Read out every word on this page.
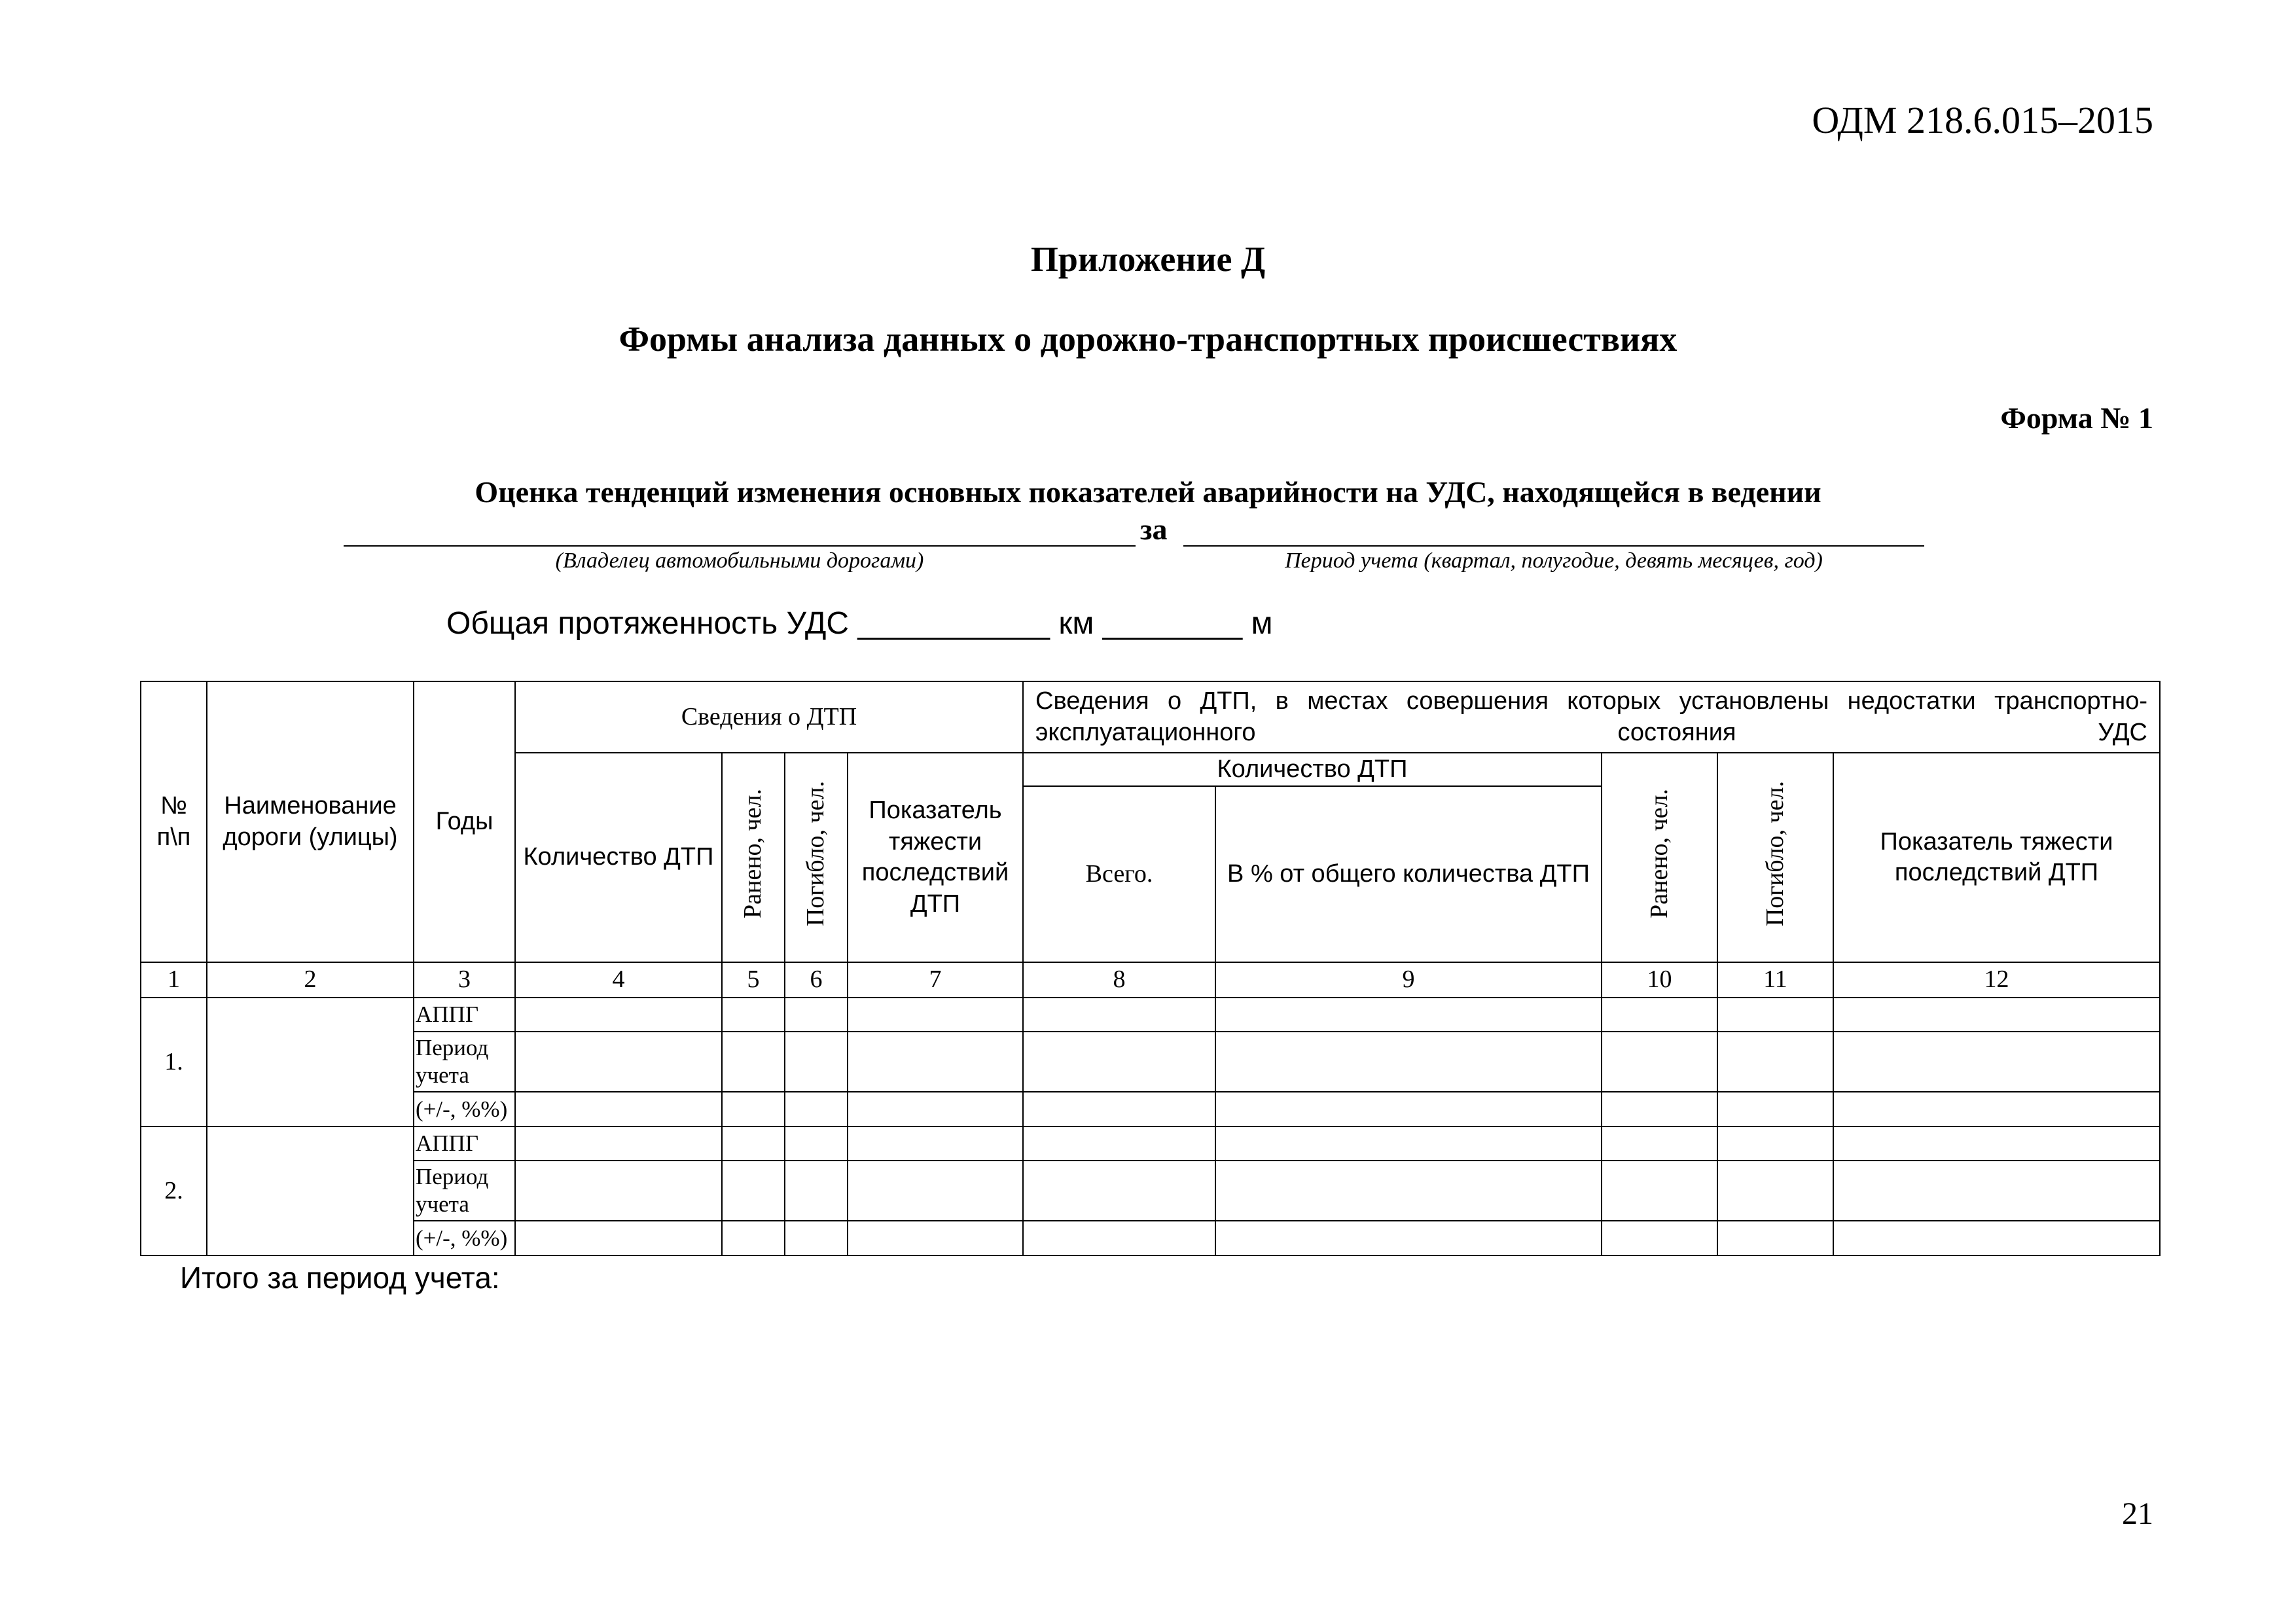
ОДМ 218.6.015–2015
Приложение Д
Формы анализа данных о дорожно-транспортных происшествиях
Форма № 1
Оценка тенденций изменения основных показателей аварийности на УДС, находящейся в ведении
за
(Владелец автомобильными дорогами)	Период учета (квартал, полугодие, девять месяцев, год)
Общая протяженность УДС ___________ км ________ м
№ п\п	Наименование дороги (улицы)	Годы	Сведения о ДТП				Сведения о ДТП, в местах совершения которых установлены недостатки транспортно-эксплуатационного состояния УДС				
			Количество ДТП	Ранено, чел.	Погибло, чел.	Показатель тяжести последствий ДТП	Количество ДТП		Ранено, чел.	Погибло, чел.	Показатель тяжести последствий ДТП
							Всего.	В % от общего количества ДТП			
1	2	3	4	5	6	7	8	9	10	11	12
1.		АППГ									
		Период учета									
		(+/-, %%)									
2.		АППГ									
		Период учета									
		(+/-, %%)									
Итого за период учета:
21
